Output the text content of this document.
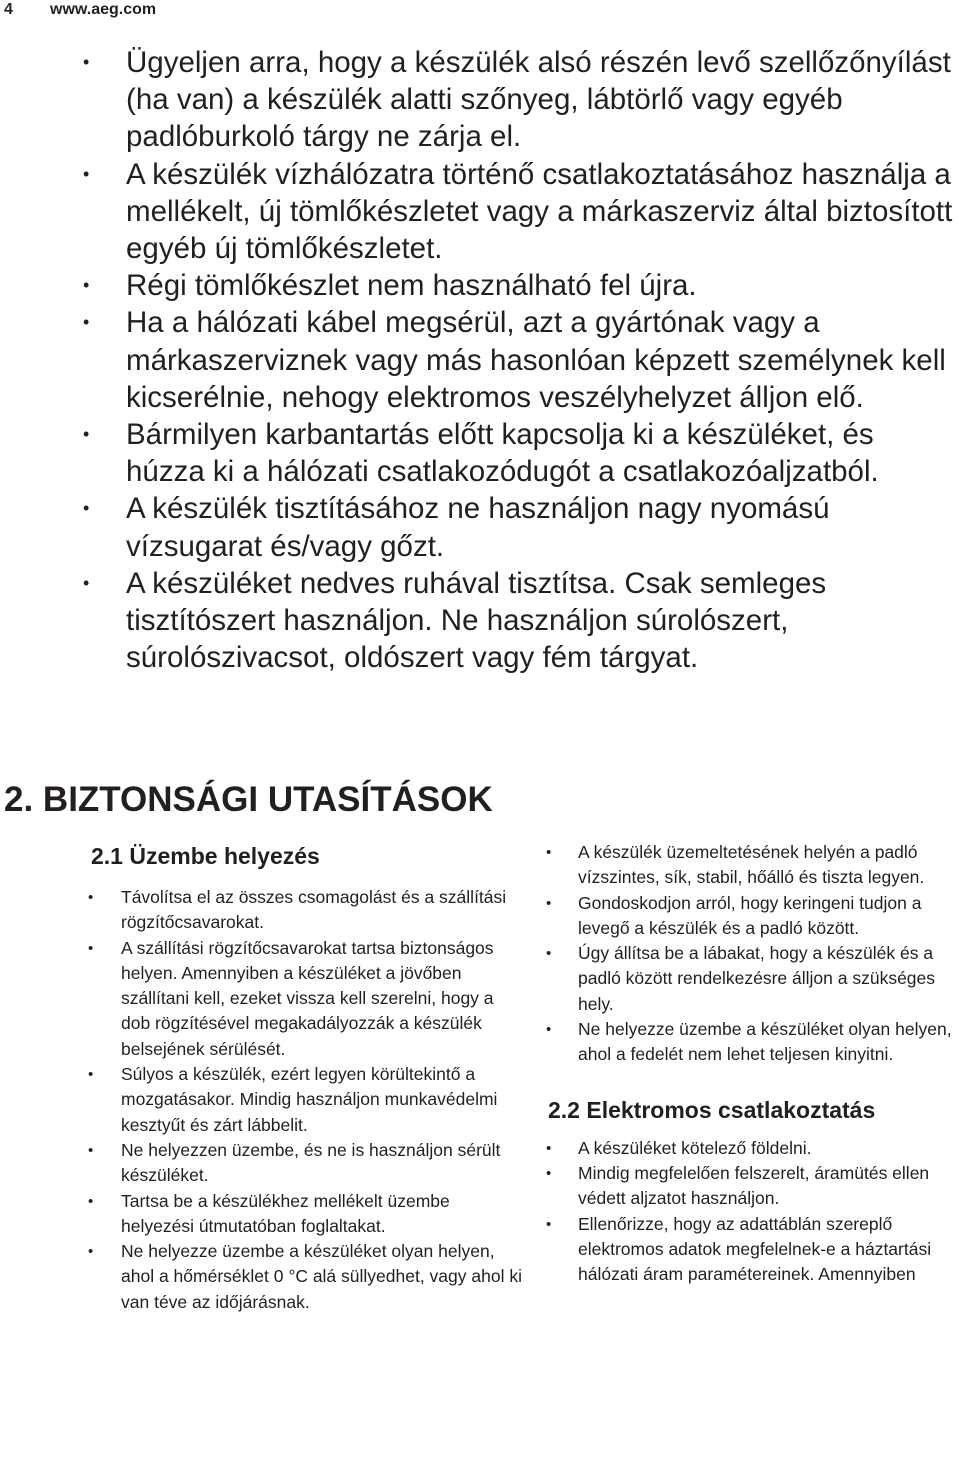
4 www.aeg.com
• Ügyeljen arra, hogy a készülék alsó részén levő szellőzőnyílást (ha van) a készülék alatti szőnyeg, lábtörlő vagy egyéb padlóburkoló tárgy ne zárja el.
• A készülék vízhálózatra történő csatlakoztatásához használja a mellékelt, új tömlőkészletet vagy a márkaszerviz által biztosított egyéb új tömlőkészletet.
• Régi tömlőkészlet nem használható fel újra.
• Ha a hálózati kábel megsérül, azt a gyártónak vagy a márkaszerviznek vagy más hasonlóan képzett személynek kell kicserélnie, nehogy elektromos veszélyhelyzet álljon elő.
• Bármilyen karbantartás előtt kapcsolja ki a készüléket, és húzza ki a hálózati csatlakozódugót a csatlakozóaljzatból.
• A készülék tisztításához ne használjon nagy nyomású vízsugarat és/vagy gőzt.
• A készüléket nedves ruhával tisztítsa. Csak semleges tisztítószert használjon. Ne használjon súrolószert, súrolószivacsot, oldószert vagy fém tárgyat.
2. BIZTONSÁGI UTASÍTÁSOK
2.1 Üzembe helyezés
• Távolítsa el az összes csomagolást és a szállítási rögzítőcsavarokat.
• A szállítási rögzítőcsavarokat tartsa biztonságos helyen. Amennyiben a készüléket a jövőben szállítani kell, ezeket vissza kell szerelni, hogy a dob rögzítésével megakadályozzák a készülék belsejének sérülését.
• Súlyos a készülék, ezért legyen körültekintő a mozgatásakor. Mindig használjon munkavédelmi kesztyűt és zárt lábbelit.
• Ne helyezzen üzembe, és ne is használjon sérült készüléket.
• Tartsa be a készülékhez mellékelt üzembe helyezési útmutatóban foglaltakat.
• Ne helyezze üzembe a készüléket olyan helyen, ahol a hőmérséklet 0 °C alá süllyedhet, vagy ahol ki van téve az időjárásnak.
• A készülék üzemeltetésének helyén a padló vízszintes, sík, stabil, hőálló és tiszta legyen.
• Gondoskodjon arról, hogy keringeni tudjon a levegő a készülék és a padló között.
• Úgy állítsa be a lábakat, hogy a készülék és a padló között rendelkezésre álljon a szükséges hely.
• Ne helyezze üzembe a készüléket olyan helyen, ahol a fedelét nem lehet teljesen kinyitni.
2.2 Elektromos csatlakoztatás
• A készüléket kötelező földelni.
• Mindig megfelelően felszerelt, áramütés ellen védett aljzatot használjon.
• Ellenőrizze, hogy az adattáblán szereplő elektromos adatok megfelelnek-e a háztartási hálózati áram paramétereinek. Amennyiben
